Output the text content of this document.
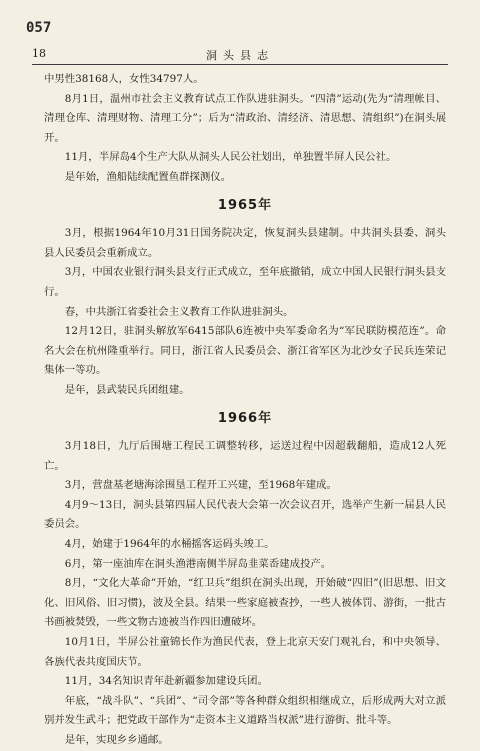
057
18	洞头县志

中男性38168人，女性34797人。

8月1日，温州市社会主义教育试点工作队进驻洞头。“四清”运动(先为“清理帐目、清理仓库、清理财物、清理工分”；后为“清政治、清经济、清思想、清组织”)在洞头展开。

11月，半屏岛4个生产大队从洞头人民公社划出，单独置半屏人民公社。

是年始，渔船陆续配置鱼群探测仪。

1965年

3月，根据1964年10月31日国务院决定，恢复洞头县建制。中共洞头县委、洞头县人民委员会重新成立。

3月，中国农业银行洞头县支行正式成立，至年底撤销，成立中国人民银行洞头县支行。

春，中共浙江省委社会主义教育工作队进驻洞头。

12月12日，驻洞头解放军6415部队6连被中央军委命名为“军民联防模范连”。命名大会在杭州隆重举行。同日，浙江省人民委员会、浙江省军区为北沙女子民兵连荣记集体一等功。

是年，县武装民兵团组建。

1966年

3月18日，九厅后围塘工程民工调整转移，运送过程中因超载翻船，造成12人死亡。

3月，营盘基老塘海涂围垦工程开工兴建，至1968年建成。

4月9～13日，洞头县第四届人民代表大会第一次会议召开，选举产生新一届县人民委员会。

4月，始建于1964年的水桶摇客运码头竣工。

6月，第一座油库在洞头渔港南侧半屏岛韭菜岙建成投产。

8月，“文化大革命”开始，“红卫兵”组织在洞头出现，开始破“四旧”(旧思想、旧文化、旧风俗、旧习惯)，波及全县。结果一些家庭被查抄，一些人被体罚、游街，一批古书画被焚毁，一些文物古迹被当作四旧遭破坏。

10月1日，半屏公社童锦长作为渔民代表，登上北京天安门观礼台，和中央领导、各族代表共度国庆节。

11月，34名知识青年赴新疆参加建设兵团。

年底，“战斗队”、“兵团”、“司令部”等各种群众组织相继成立，后形成两大对立派别并发生武斗；把党政干部作为“走资本主义道路当权派”进行游街、批斗等。

是年，实现乡乡通邮。
